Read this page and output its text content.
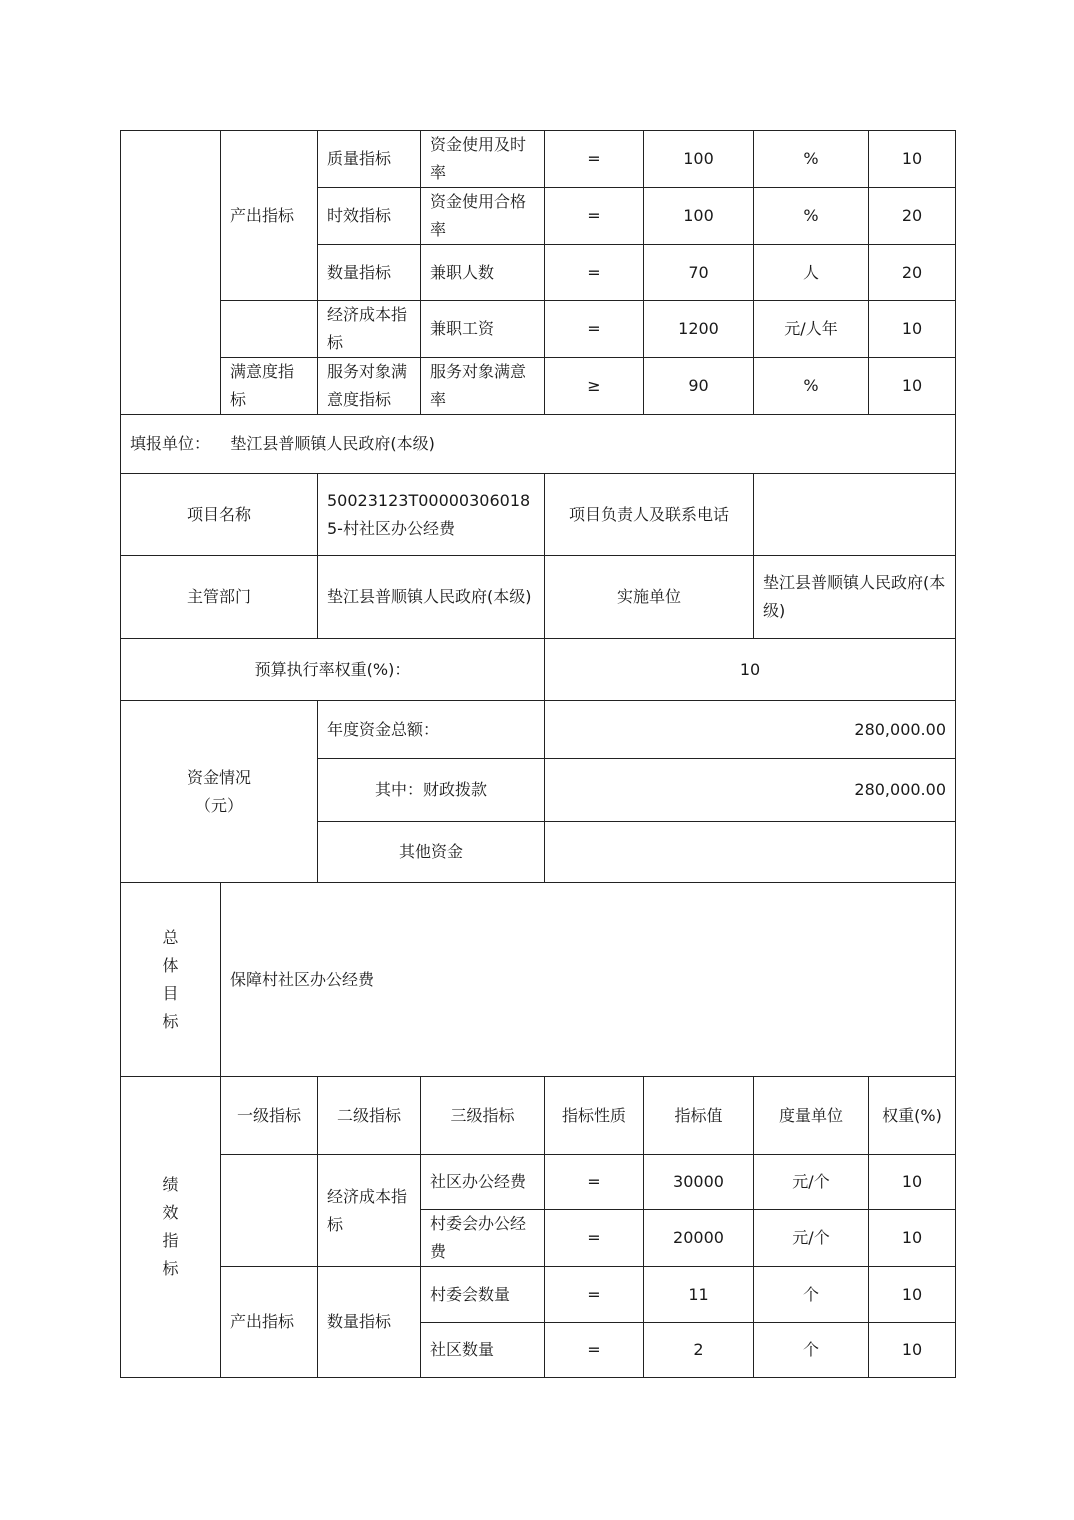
	产出指标	质量指标	资金使用及时率	=	100	%	10
		时效指标	资金使用合格率	=	100	%	20
		数量指标	兼职人数	=	70	人	20
		经济成本指标	兼职工资	=	1200	元/人年	10
	满意度指标	服务对象满意度指标	服务对象满意率	≥	90	%	10
填报单位： 垫江县普顺镇人民政府(本级)							
项目名称		50023123T000003060185-村社区办公经费		项目负责人及联系电话			
主管部门		垫江县普顺镇人民政府(本级)		实施单位		垫江县普顺镇人民政府(本级)	
预算执行率权重(%)：				10			

资金情况
（元）		年度资金总额：		280,000.00			
		其中：财政拨款		280,000.00			
		其他资金					

总
体
目
标	保障村社区办公经费						

绩
效
指
标	一级指标	二级指标	三级指标	指标性质	指标值	度量单位	权重(%)
		经济成本指标	社区办公经费	=	30000	元/个	10
			村委会办公经费	=	20000	元/个	10
	产出指标	数量指标	村委会数量	=	11	个	10
			社区数量	=	2	个	10
